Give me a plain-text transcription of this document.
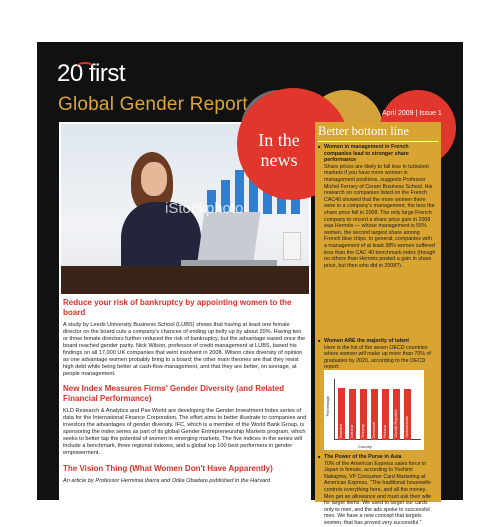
20 first
Global Gender Report	April 2009 | Issue 1
iStockphoto
In the news

Reduce your risk of bankruptcy by appointing women to the board

A study by Leeds University Business School (LUBS) shows that having at least one female director on the board cuts a company's chances of ending up belly up by about 20%. Having two or three female directors further reduced the risk of bankruptcy, but the advantage eased once the board reached gender parity. Nick Wilson, professor of credit management at LUBS, based his findings on all 17,000 UK companies that went insolvent in 2008. Wilson cites diversity of opinion as one advantage women probably bring to a board; the other main theories are that they resist high debt while being better at cash-flow management, and that they are better, on average, at people management.

New Index Measures Firms' Gender Diversity (and Related Financial Performance)

KLD Research & Analytics and Pax World are developing the Gender Investment Index series of data for the International Finance Corporation. The effort aims to better illustrate to companies and investors the advantages of gender diversity. IFC, which is a member of the World Bank Group, is sponsoring the index series as part of its global Gender Entrepreneurship Markets program, which seeks to better tap the potential of women in emerging markets. The five indices in the series will include a benchmark, three regional indexes, and a global top 100 best performers in gender empowerment.

The Vision Thing (What Women Don't Have Apparently)

An article by Professor Herminia Ibarra and Otilia Obadaru published in the Harvard

Better bottom line

■ Women in management in French companies lead to stronger share performance

Share prices are likely to fall less in turbulent markets if you have more women in management positions, suggests Professor Michel Ferrary of Ceram Business School. His research on companies listed on the French CAC40 showed that the more women there were in a company's management, the less the share price fell in 2008. The only large French company to record a share price gain in 2008 was Hermès — whose management is 55% women, the second largest share among French blue chips. In general, companies with a management of at least 38% women suffered less than the CAC 40 benchmark index (though no others than Hermès posted a gain in share price, but then who did in 2008?).

■ Women ARE the majority of talent

Here is the list of the seven OECD countries where women will make up more than 70% of graduates by 2020, according to the OECD report:

Percentage
Country
Sweden	Iceland	Norway	Denmark	Finland	Slovak Republic	Netherlands

■ The Power of the Purse in Asia

70% of the American Express sales force in Japan is female, according to Yoshimi Nakajima, VP Consumer Card Marketing at American Express. "The traditional housewife controls everything here, and all the money. Men get an allowance and must ask their wife for larger items. We used to target our cards only to men, and the ads spoke to successful men. We have a new concept that targets women, that has proved very successful."
